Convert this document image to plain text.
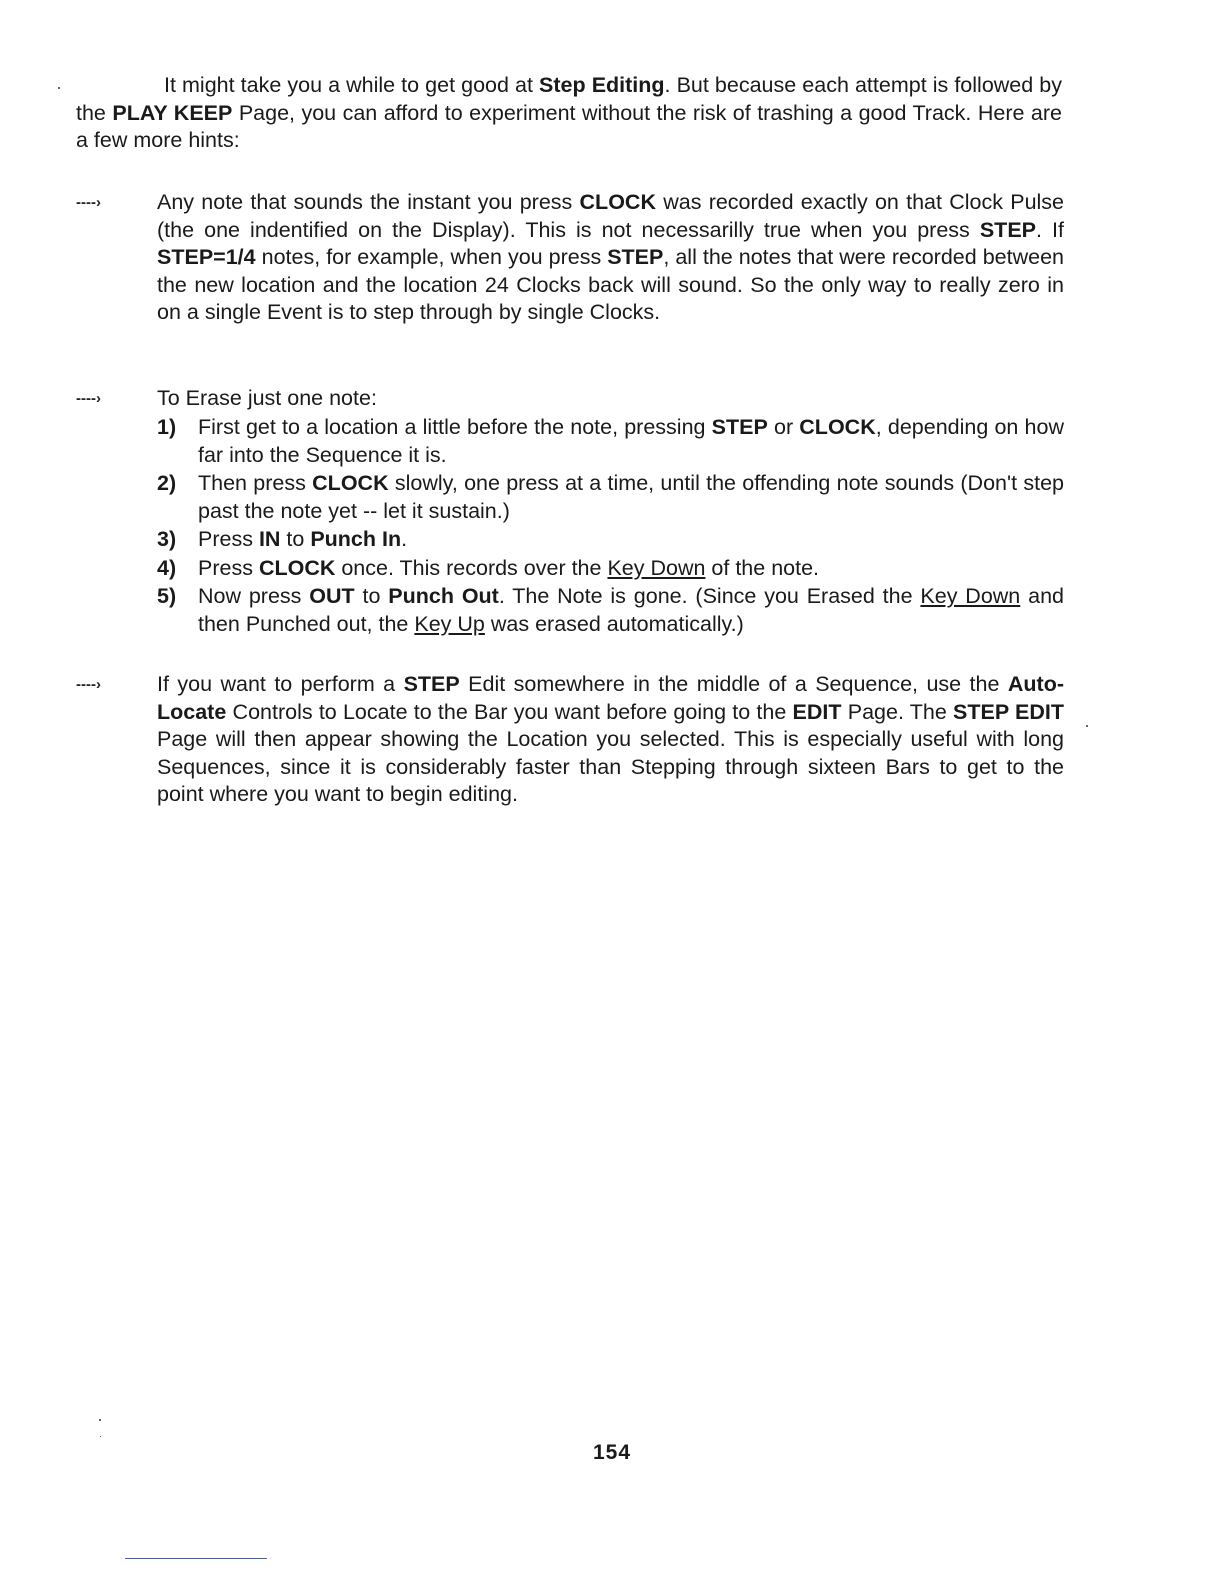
It might take you a while to get good at Step Editing. But because each attempt is followed by the PLAY KEEP Page, you can afford to experiment without the risk of trashing a good Track. Here are a few more hints:

----›	Any note that sounds the instant you press CLOCK was recorded exactly on that Clock Pulse (the one indentified on the Display). This is not necessarilly true when you press STEP. If STEP=1/4 notes, for example, when you press STEP, all the notes that were recorded between the new location and the location 24 Clocks back will sound. So the only way to really zero in on a single Event is to step through by single Clocks.

----›	To Erase just one note:

1) First get to a location a little before the note, pressing STEP or CLOCK, depending on how far into the Sequence it is.
2) Then press CLOCK slowly, one press at a time, until the offending note sounds (Don't step past the note yet -- let it sustain.)
3) Press IN to Punch In.
4) Press CLOCK once. This records over the Key Down of the note.
5) Now press OUT to Punch Out. The Note is gone. (Since you Erased the Key Down and then Punched out, the Key Up was erased automatically.)
----›	If you want to perform a STEP Edit somewhere in the middle of a Sequence, use the Auto-Locate Controls to Locate to the Bar you want before going to the EDIT Page. The STEP EDIT Page will then appear showing the Location you selected. This is especially useful with long Sequences, since it is considerably faster than Stepping through sixteen Bars to get to the point where you want to begin editing.

154
